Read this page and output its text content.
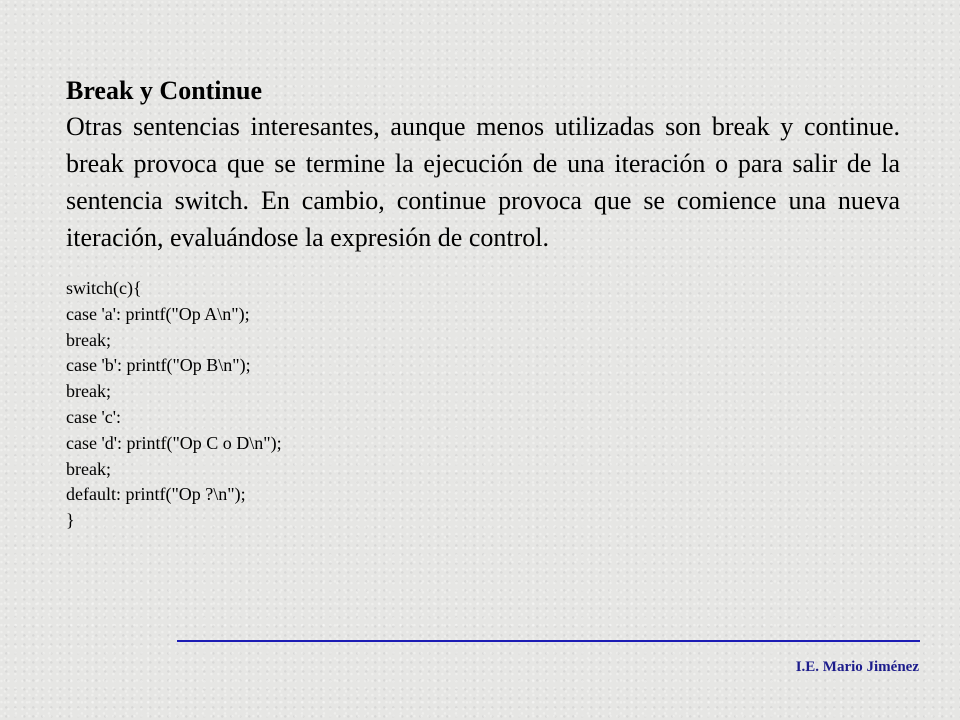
Break y Continue

Otras sentencias interesantes, aunque menos utilizadas son break y continue. break provoca que se termine la ejecución de una iteración o para salir de la sentencia switch. En cambio, continue provoca que se comience una nueva iteración, evaluándose la expresión de control.

switch(c){
case 'a': printf("Op A\n");
break;
case 'b': printf("Op B\n");
break;
case 'c':
case 'd': printf("Op C o D\n");
break;
default: printf("Op ?\n");
}
I.E. Mario Jiménez
